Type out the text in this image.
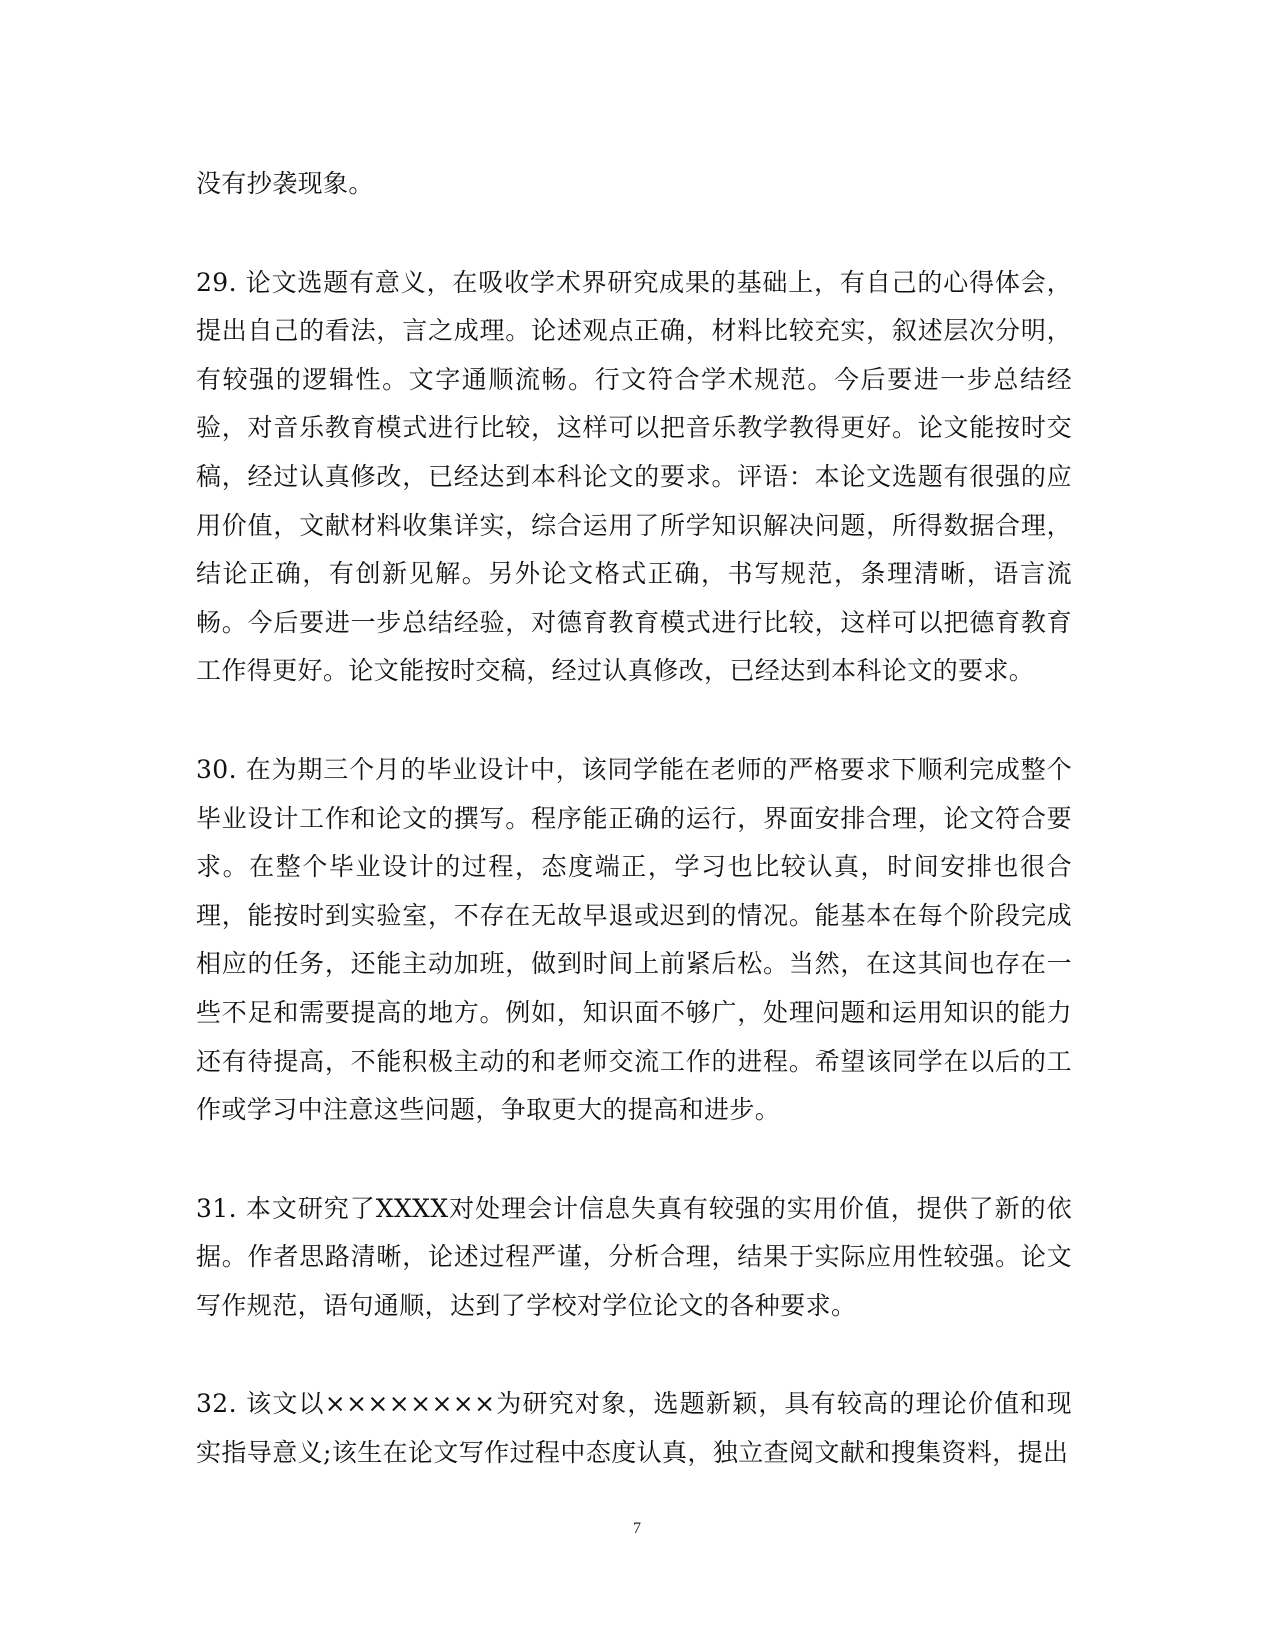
没有抄袭现象。

29. 论文选题有意义，在吸收学术界研究成果的基础上，有自己的心得体会，提出自己的看法，言之成理。论述观点正确，材料比较充实，叙述层次分明，有较强的逻辑性。文字通顺流畅。行文符合学术规范。今后要进一步总结经验，对音乐教育模式进行比较，这样可以把音乐教学教得更好。论文能按时交稿，经过认真修改，已经达到本科论文的要求。评语：本论文选题有很强的应用价值，文献材料收集详实，综合运用了所学知识解决问题，所得数据合理，结论正确，有创新见解。另外论文格式正确，书写规范，条理清晰，语言流畅。今后要进一步总结经验，对德育教育模式进行比较，这样可以把德育教育工作得更好。论文能按时交稿，经过认真修改，已经达到本科论文的要求。

30. 在为期三个月的毕业设计中，该同学能在老师的严格要求下顺利完成整个毕业设计工作和论文的撰写。程序能正确的运行，界面安排合理，论文符合要求。在整个毕业设计的过程，态度端正，学习也比较认真，时间安排也很合理，能按时到实验室，不存在无故早退或迟到的情况。能基本在每个阶段完成相应的任务，还能主动加班，做到时间上前紧后松。当然，在这其间也存在一些不足和需要提高的地方。例如，知识面不够广，处理问题和运用知识的能力还有待提高，不能积极主动的和老师交流工作的进程。希望该同学在以后的工作或学习中注意这些问题，争取更大的提高和进步。

31. 本文研究了XXXX对处理会计信息失真有较强的实用价值，提供了新的依据。作者思路清晰，论述过程严谨，分析合理，结果于实际应用性较强。论文写作规范，语句通顺，达到了学校对学位论文的各种要求。

32. 该文以××××××××为研究对象，选题新颖，具有较高的理论价值和现实指导意义;该生在论文写作过程中态度认真，独立查阅文献和搜集资料，提出

7
